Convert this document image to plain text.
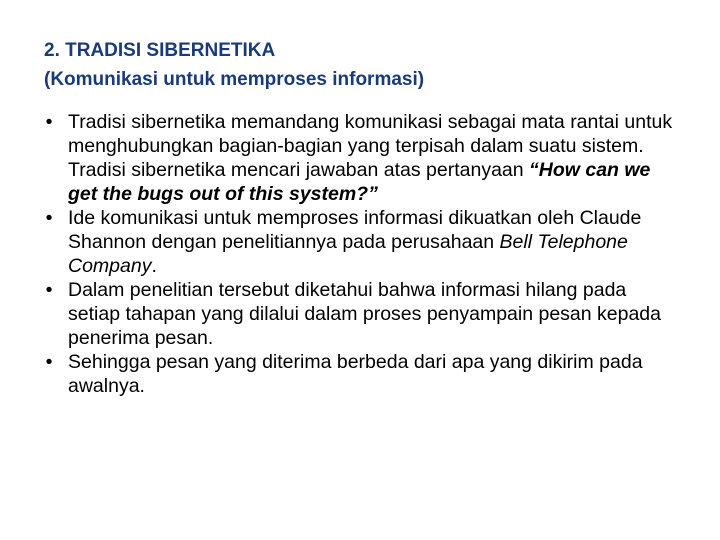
2. TRADISI SIBERNETIKA
(Komunikasi untuk memproses informasi)
• Tradisi sibernetika memandang komunikasi sebagai mata rantai untuk menghubungkan bagian-bagian yang terpisah dalam suatu sistem. Tradisi sibernetika mencari jawaban atas pertanyaan “How can we get the bugs out of this system?”
• Ide komunikasi untuk memproses informasi dikuatkan oleh Claude Shannon dengan penelitiannya pada perusahaan Bell Telephone Company.
• Dalam penelitian tersebut diketahui bahwa informasi hilang pada setiap tahapan yang dilalui dalam proses penyampain pesan kepada penerima pesan.
• Sehingga pesan yang diterima berbeda dari apa yang dikirim pada awalnya.
